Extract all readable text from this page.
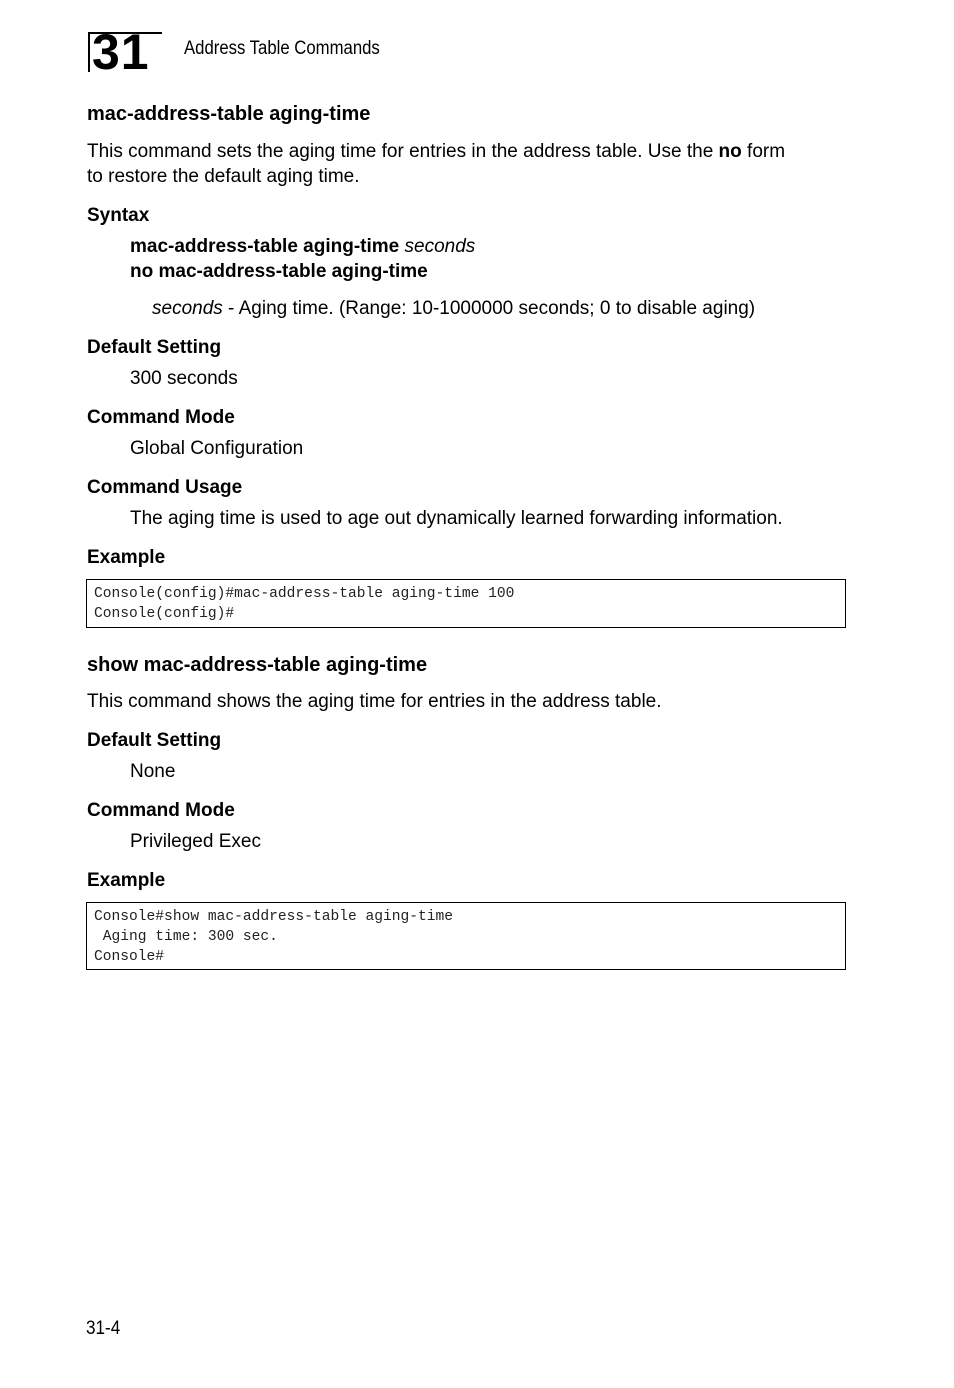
31 Address Table Commands
mac-address-table aging-time
This command sets the aging time for entries in the address table. Use the no form
to restore the default aging time.
Syntax
mac-address-table aging-time seconds
no mac-address-table aging-time
seconds - Aging time. (Range: 10-1000000 seconds; 0 to disable aging)
Default Setting
300 seconds
Command Mode
Global Configuration
Command Usage
The aging time is used to age out dynamically learned forwarding information.
Example
Console(config)#mac-address-table aging-time 100
Console(config)#
show mac-address-table aging-time
This command shows the aging time for entries in the address table.
Default Setting
None
Command Mode
Privileged Exec
Example
Console#show mac-address-table aging-time
Aging time: 300 sec.
Console#
31-4
